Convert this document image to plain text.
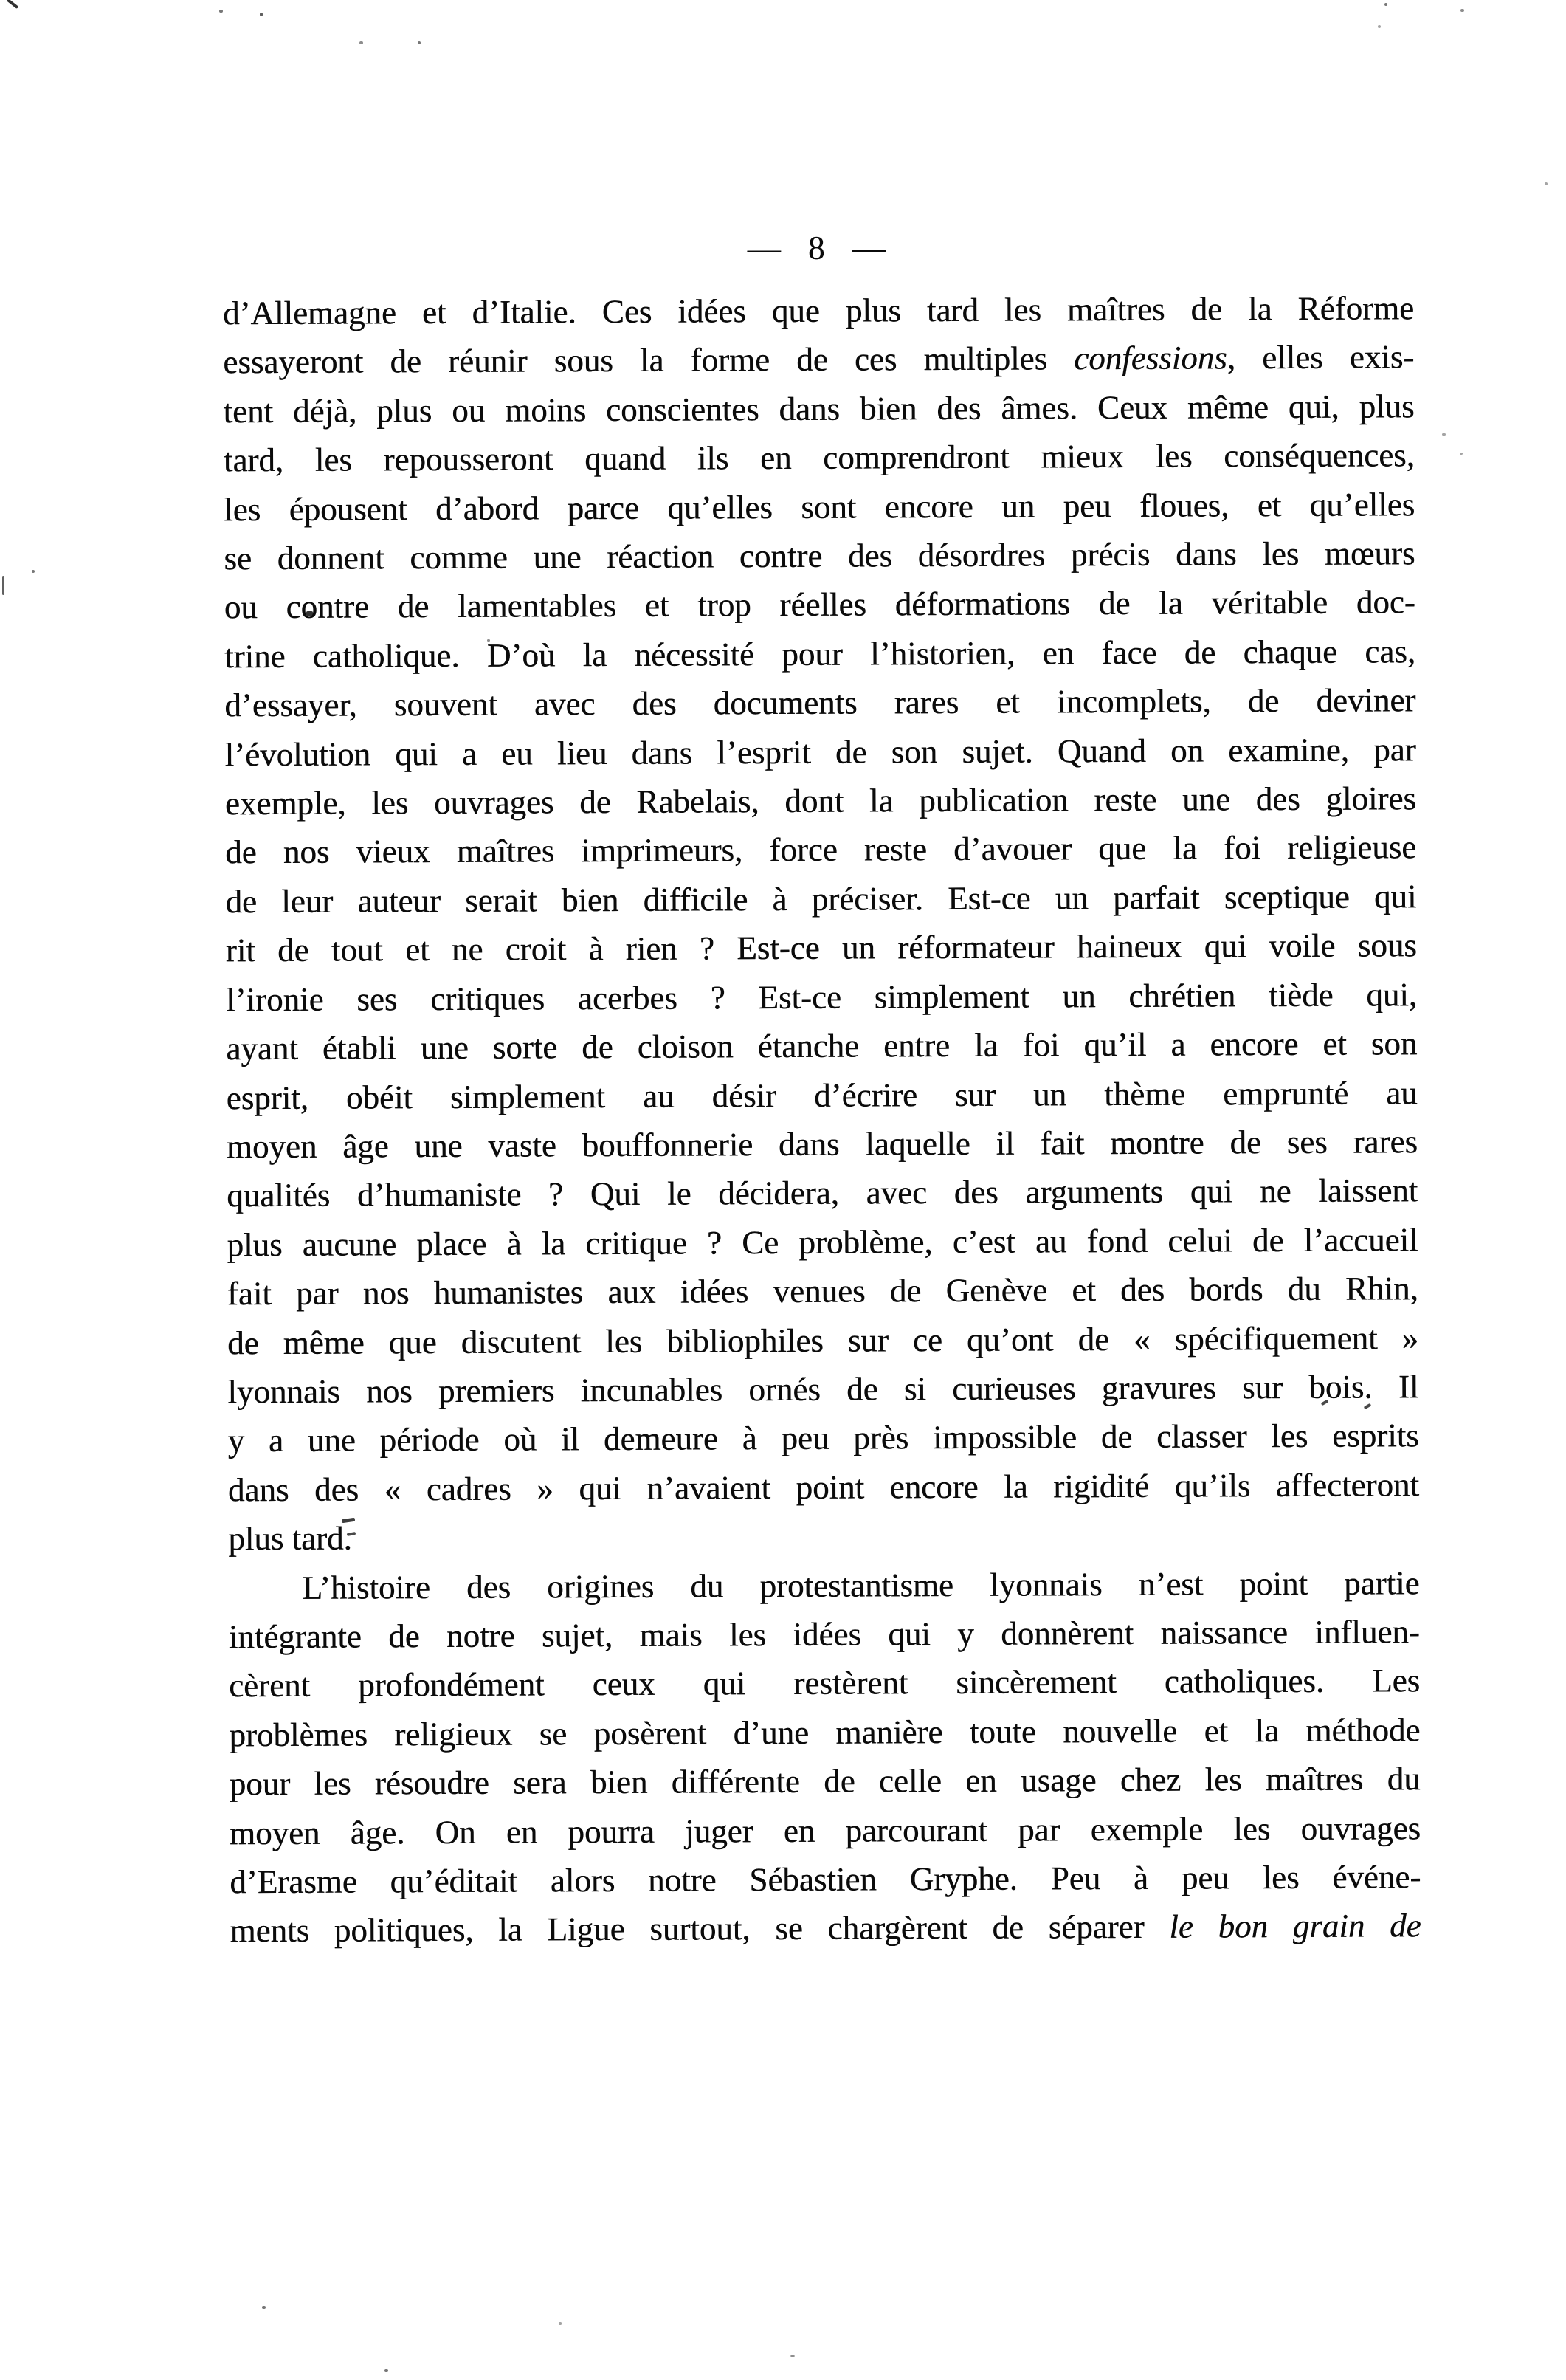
— 8 —
d’Allemagne et d’Italie. Ces idées que plus tard les maîtres de la Réforme
essayeront de réunir sous la forme de ces multiples confessions, elles exis-
tent déjà, plus ou moins conscientes dans bien des âmes. Ceux même qui, plus
tard, les repousseront quand ils en comprendront mieux les conséquences,
les épousent d’abord parce qu’elles sont encore un peu floues, et qu’elles
se donnent comme une réaction contre des désordres précis dans les mœurs
ou contre de lamentables et trop réelles déformations de la véritable doc-
trine catholique. D’où la nécessité pour l’historien, en face de chaque cas,
d’essayer, souvent avec des documents rares et incomplets, de deviner
l’évolution qui a eu lieu dans l’esprit de son sujet. Quand on examine, par
exemple, les ouvrages de Rabelais, dont la publication reste une des gloires
de nos vieux maîtres imprimeurs, force reste d’avouer que la foi religieuse
de leur auteur serait bien difficile à préciser. Est-ce un parfait sceptique qui
rit de tout et ne croit à rien ? Est-ce un réformateur haineux qui voile sous
l’ironie ses critiques acerbes ? Est-ce simplement un chrétien tiède qui,
ayant établi une sorte de cloison étanche entre la foi qu’il a encore et son
esprit, obéit simplement au désir d’écrire sur un thème emprunté au
moyen âge une vaste bouffonnerie dans laquelle il fait montre de ses rares
qualités d’humaniste ? Qui le décidera, avec des arguments qui ne laissent
plus aucune place à la critique ? Ce problème, c’est au fond celui de l’accueil
fait par nos humanistes aux idées venues de Genève et des bords du Rhin,
de même que discutent les bibliophiles sur ce qu’ont de « spécifiquement »
lyonnais nos premiers incunables ornés de si curieuses gravures sur bois. Il
y a une période où il demeure à peu près impossible de classer les esprits
dans des « cadres » qui n’avaient point encore la rigidité qu’ils affecteront
plus tard.
L’histoire des origines du protestantisme lyonnais n’est point partie
intégrante de notre sujet, mais les idées qui y donnèrent naissance influen-
cèrent profondément ceux qui restèrent sincèrement catholiques. Les
problèmes religieux se posèrent d’une manière toute nouvelle et la méthode
pour les résoudre sera bien différente de celle en usage chez les maîtres du
moyen âge. On en pourra juger en parcourant par exemple les ouvrages
d’Erasme qu’éditait alors notre Sébastien Gryphe. Peu à peu les événe-
ments politiques, la Ligue surtout, se chargèrent de séparer le bon grain de
